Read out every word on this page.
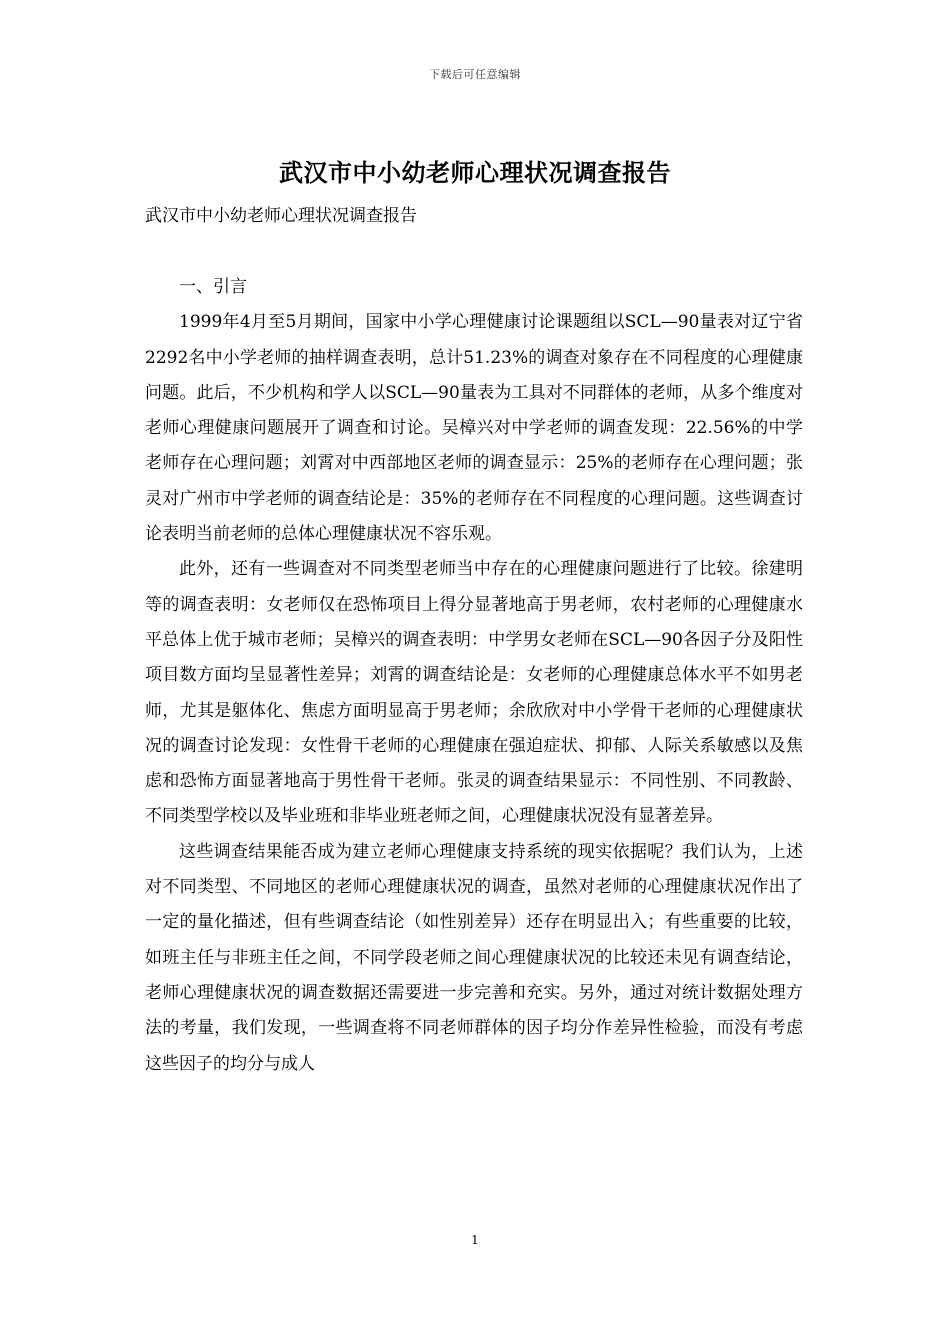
下载后可任意编辑
武汉市中小幼老师心理状况调查报告

武汉市中小幼老师心理状况调查报告

一、引言

1999年4月至5月期间，国家中小学心理健康讨论课题组以SCL—90量表对辽宁省2292名中小学老师的抽样调查表明，总计51.23%的调查对象存在不同程度的心理健康问题。此后，不少机构和学人以SCL—90量表为工具对不同群体的老师，从多个维度对老师心理健康问题展开了调查和讨论。吴樟兴对中学老师的调查发现：22.56%的中学老师存在心理问题；刘霄对中西部地区老师的调查显示：25%的老师存在心理问题；张灵对广州市中学老师的调查结论是：35%的老师存在不同程度的心理问题。这些调查讨论表明当前老师的总体心理健康状况不容乐观。

此外，还有一些调查对不同类型老师当中存在的心理健康问题进行了比较。徐建明等的调查表明：女老师仅在恐怖项目上得分显著地高于男老师，农村老师的心理健康水平总体上优于城市老师；吴樟兴的调查表明：中学男女老师在SCL—90各因子分及阳性项目数方面均呈显著性差异；刘霄的调查结论是：女老师的心理健康总体水平不如男老师，尤其是躯体化、焦虑方面明显高于男老师；余欣欣对中小学骨干老师的心理健康状况的调查讨论发现：女性骨干老师的心理健康在强迫症状、抑郁、人际关系敏感以及焦虑和恐怖方面显著地高于男性骨干老师。张灵的调查结果显示：不同性别、不同教龄、不同类型学校以及毕业班和非毕业班老师之间，心理健康状况没有显著差异。

这些调查结果能否成为建立老师心理健康支持系统的现实依据呢？我们认为，上述对不同类型、不同地区的老师心理健康状况的调查，虽然对老师的心理健康状况作出了一定的量化描述，但有些调查结论（如性别差异）还存在明显出入；有些重要的比较，如班主任与非班主任之间，不同学段老师之间心理健康状况的比较还未见有调查结论，老师心理健康状况的调查数据还需要进一步完善和充实。另外，通过对统计数据处理方法的考量，我们发现，一些调查将不同老师群体的因子均分作差异性检验，而没有考虑这些因子的均分与成人

1
